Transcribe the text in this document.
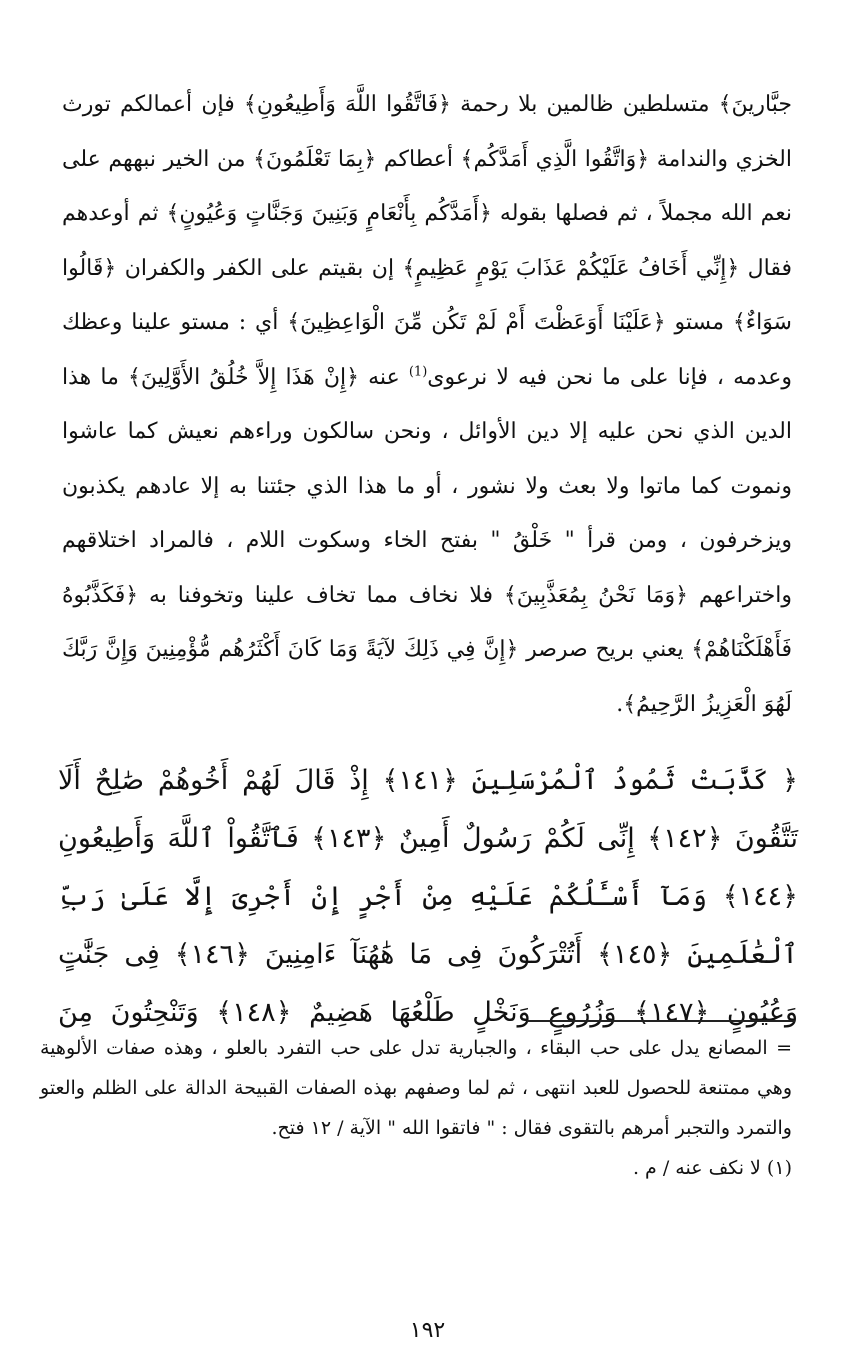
جبَّارينَ﴾ متسلطين ظالمين بلا رحمة ﴿فَاتَّقُوا اللَّهَ وَأَطِيعُونِ﴾ فإن أعمالكم تورث الخزي والندامة ﴿وَاتَّقُوا الَّذِي أَمَدَّكُم﴾ أعطاكم ﴿بِمَا تَعْلَمُونَ﴾ من الخير نبههم على نعم الله مجملاً ، ثم فصلها بقوله ﴿أَمَدَّكُم بِأَنْعَامٍ وَبَنِينَ وَجَنَّاتٍ وَعُيُونٍ﴾ ثم أوعدهم فقال ﴿إِنِّي أَخَافُ عَلَيْكُمْ عَذَابَ يَوْمٍ عَظِيمٍ﴾ إن بقيتم على الكفر والكفران ﴿قَالُوا سَوَاءٌ﴾ مستو ﴿عَلَيْنَا أَوَعَظْتَ أَمْ لَمْ تَكُن مِّنَ الْوَاعِظِينَ﴾ أي : مستو علينا وعظك وعدمه ، فإنا على ما نحن فيه لا نرعوى$^{(1)}$ عنه ﴿إِنْ هَذَا إِلاَّ خُلُقُ الأَوَّلِينَ﴾ ما هذا الدين الذي نحن عليه إلا دين الأوائل ، ونحن سالكون وراءهم نعيش كما عاشوا ونموت كما ماتوا ولا بعث ولا نشور ، أو ما هذا الذي جئتنا به إلا عادهم يكذبون ويزخرفون ، ومن قرأ " خَلْقُ " بفتح الخاء وسكوت اللام ، فالمراد اختلاقهم واختراعهم ﴿وَمَا نَحْنُ بِمُعَذَّبِينَ﴾ فلا نخاف مما تخاف علينا وتخوفنا به ﴿فَكَذَّبُوهُ فَأَهْلَكْنَاهُمْ﴾ يعني بريح صرصر ﴿إِنَّ فِي ذَلِكَ لآيَةً وَمَا كَانَ أَكْثَرُهُم مُّؤْمِنِينَ وَإِنَّ رَبَّكَ لَهُوَ الْعَزِيزُ الرَّحِيمُ﴾.

﴿ كَذَّبَتْ ثَمُودُ ٱلْمُرْسَلِينَ ﴿١٤١﴾ إِذْ قَالَ لَهُمْ أَخُوهُمْ صَٰلِحٌ أَلَا تَتَّقُونَ ﴿١٤٢﴾ إِنِّى لَكُمْ رَسُولٌ أَمِينٌ ﴿١٤٣﴾ فَٱتَّقُواْ ٱللَّهَ وَأَطِيعُونِ ﴿١٤٤﴾ وَمَآ أَسْـَٔلُكُمْ عَلَيْهِ مِنْ أَجْرٍ إِنْ أَجْرِىَ إِلَّا عَلَىٰ رَبِّ ٱلْعَٰلَمِينَ ﴿١٤٥﴾ أَتُتْرَكُونَ فِى مَا هَٰهُنَآ ءَامِنِينَ ﴿١٤٦﴾ فِى جَنَّٰتٍ وَعُيُونٍ ﴿١٤٧﴾ وَزُرُوعٍ وَنَخْلٍ طَلْعُهَا هَضِيمٌ ﴿١٤٨﴾ وَتَنْحِتُونَ مِنَ

= المصانع يدل على حب البقاء ، والجبارية تدل على حب التفرد بالعلو ، وهذه صفات الألوهية وهي ممتنعة للحصول للعبد انتهى ، ثم لما وصفهم بهذه الصفات القبيحة الدالة على الظلم والعتو والتمرد والتجبر أمرهم بالتقوى فقال : " فاتقوا الله " الآية / ١٢ فتح.

(١) لا نكف عنه / م .

١٩٢
